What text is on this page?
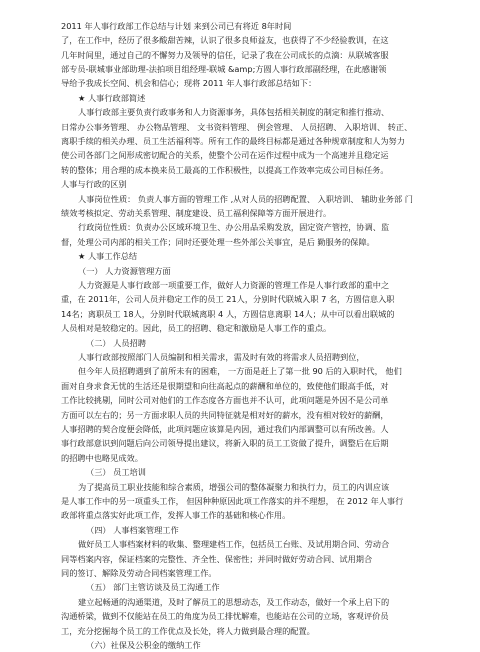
2011 年人事行政部工作总结与计划 来到公司已有将近 8年时间
了，在工作中，经历了很多酸甜苦辣，认识了很多良师益友，也获得了不少经验教训，在这
几年时间里，通过自己的不懈努力及领导的信任，记录了我在公司成长的点滴：从联城客服
部专员-联城事业部助理-法拍项目组经理-联城 &amp;方圆人事行政部副经理，在此感谢领
导给予我成长空间、机会和信心；现将 2011 年人事行政部总结如下：
★ 人事行政部简述
人事行政部主要负责行政事务和人力资源事务，具体包括相关制度的制定和推行推动、
日常办公事务管理、 办公物品管理、 文书资料管理、 例会管理、 人员招聘、 入职培训、 转正、
离职手续的相关办理、员工生活福利等。所有工作的最终目标都是通过各种规章制度和人为努力
使公司各部门之间形成密切配合的关系，使整个公司在运作过程中成为一个高速并且稳定运
转的整体；用合理的成本换来员工最高的工作积极性，以提高工作效率完成公司目标任务。
人事与行政的区别
人事岗位性质： 负责人事方面的管理工作 ,从对人员的招聘配置、 入职培训、 辅助业务部 门
绩效考核拟定、劳动关系管理、制度建设、员工福利保障等方面开展进行。
行政岗位性质：负责办公区域环境卫生、办公用品采购发放，固定资产管控，协调、监
督，处理公司内部的相关工作；同时还要处理一些外部公关事宜，是后 勤服务的保障。
★ 人事工作总结
（一） 人力资源管理方面
人力资源是人事行政部一项重要工作，做好人力资源的管理工作是人事行政部的重中之
重，在 2011年，公司人员并稳定工作的员工 21人，分别时代联城入职 7 名，方圆信息入职
14名；离职员工 18人，分别时代联城离职 4 人，方圆信息离职 14人；从中可以看出联城的
人员相对是较稳定的。因此，员工的招聘、稳定和激励是人事工作的重点。
（二） 人员招聘
人事行政部按照部门人员编制和相关需求，需及时有效的将需求人员招聘到位，
但今年人员招聘遇到了前所未有的困难， 一方面是赶上了第一批 90 后的入职时代， 他们
面对自身求食无忧的生活还是很期望和向往高起点的薪酬和单位的，致使他们眼高手低，对
工作比较挑剔，同时公司对他们的工作态度各方面也并不认可，此项问题是外因不是公司单
方面可以左右的；另一方面求职人员的共同特征就是相对好的薪水，没有相对较好的薪酬，
人事招聘的契合度便会降低，此项问题应该算是内因，通过我们内部调整可以有所改善。人
事行政部意识到问题后向公司领导提出建议，将新入职的员工工资做了提升，调整后在后期
的招聘中也略见成效。
（三） 员工培训
为了提高员工职业技能和综合素质，增强公司的整体凝聚力和执行力，员工的内训应该
是人事工作中的另一项重头工作， 但因种种原因此项工作落实的并不理想， 在 2012 年人事行
政部将重点落实好此项工作，发挥人事工作的基础和核心作用。
（四） 人事档案管理工作
做好员工人事档案材料的收集、整理建档工作，包括员工台账、及试用期合同、劳动合
同等档案内容，保证档案的完整性、齐全性、保密性；并同时做好劳动合同、试用期合
同的签订、解除及劳动合同档案管理工作。
（五） 部门主管访谈及员工沟通工作
建立起畅通的沟通渠道，及时了解员工的思想动态，及工作动态，做好一个承上启下的
沟通桥梁，做到不仅能站在员工的角度为员工排忧解难，也能站在公司的立场，客观评价员
工，充分挖掘每个员工的工作优点及长处，将人力做到最合理的配置。
（六）社保及公积金的缴纳工作
